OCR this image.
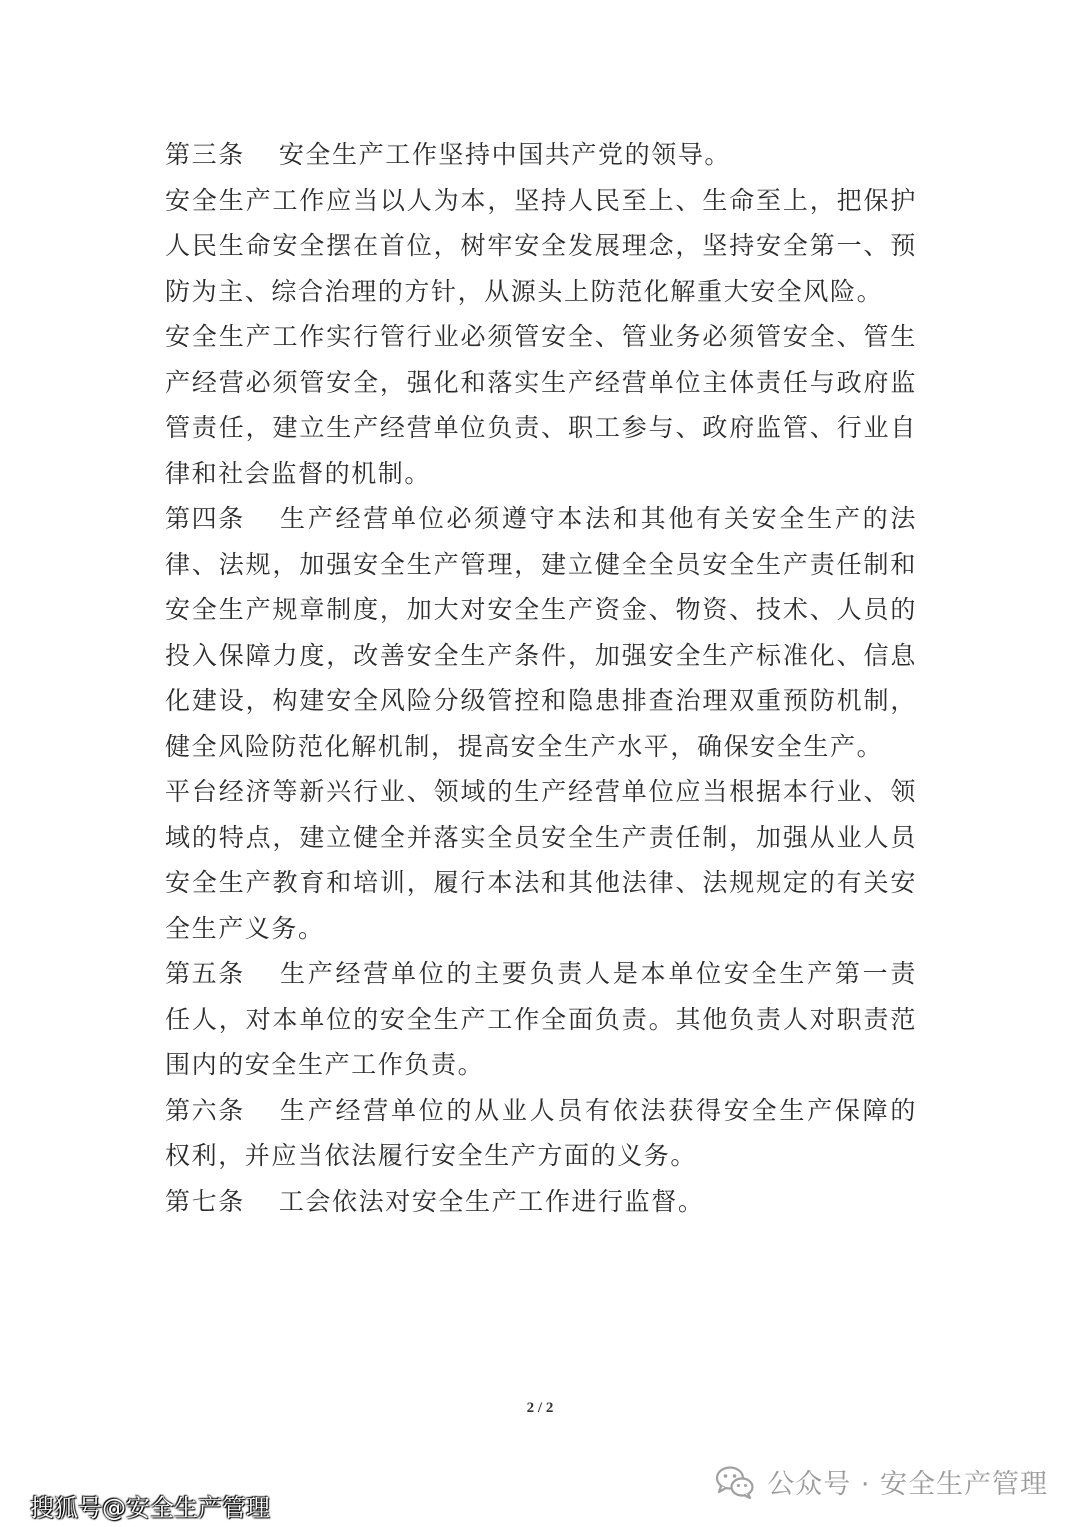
第三条 安全生产工作坚持中国共产党的领导。

安全生产工作应当以人为本，坚持人民至上、生命至上，把保护人民生命安全摆在首位，树牢安全发展理念，坚持安全第一、预防为主、综合治理的方针，从源头上防范化解重大安全风险。

安全生产工作实行管行业必须管安全、管业务必须管安全、管生产经营必须管安全，强化和落实生产经营单位主体责任与政府监管责任，建立生产经营单位负责、职工参与、政府监管、行业自律和社会监督的机制。

第四条 生产经营单位必须遵守本法和其他有关安全生产的法律、法规，加强安全生产管理，建立健全全员安全生产责任制和安全生产规章制度，加大对安全生产资金、物资、技术、人员的投入保障力度，改善安全生产条件，加强安全生产标准化、信息化建设，构建安全风险分级管控和隐患排查治理双重预防机制，健全风险防范化解机制，提高安全生产水平，确保安全生产。

平台经济等新兴行业、领域的生产经营单位应当根据本行业、领域的特点，建立健全并落实全员安全生产责任制，加强从业人员安全生产教育和培训，履行本法和其他法律、法规规定的有关安全生产义务。

第五条 生产经营单位的主要负责人是本单位安全生产第一责任人，对本单位的安全生产工作全面负责。其他负责人对职责范围内的安全生产工作负责。

第六条 生产经营单位的从业人员有依法获得安全生产保障的权利，并应当依法履行安全生产方面的义务。

第七条 工会依法对安全生产工作进行监督。

2 / 2
公众号 · 安全生产管理
搜狐号@安全生产管理
